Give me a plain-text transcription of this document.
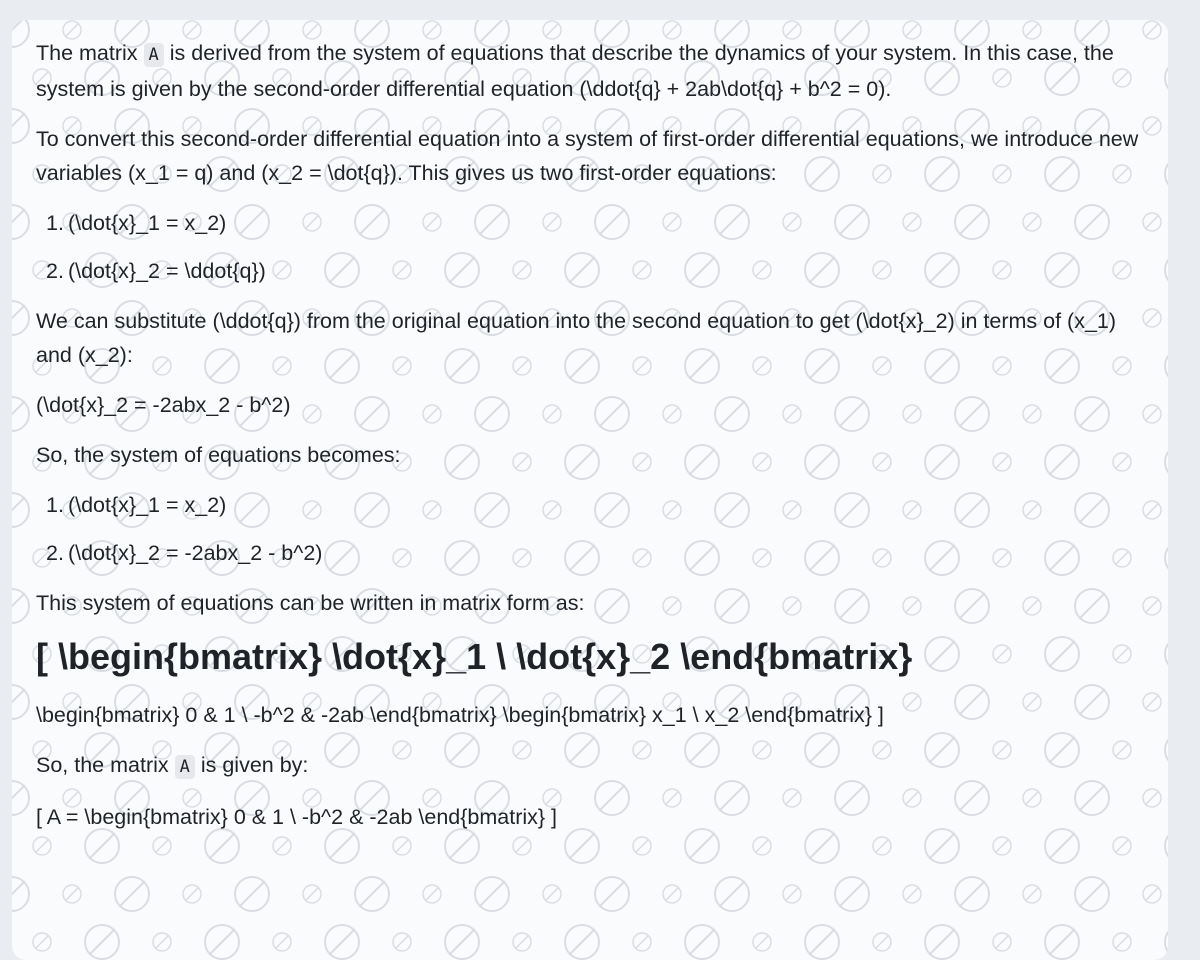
The matrix A is derived from the system of equations that describe the dynamics of your system. In this case, the system is given by the second-order differential equation (\ddot{q} + 2ab\dot{q} + b^2 = 0).

To convert this second-order differential equation into a system of first-order differential equations, we introduce new variables (x_1 = q) and (x_2 = \dot{q}). This gives us two first-order equations:

1. (\dot{x}_1 = x_2)
2. (\dot{x}_2 = \ddot{q})

We can substitute (\ddot{q}) from the original equation into the second equation to get (\dot{x}_2) in terms of (x_1) and (x_2):

(\dot{x}_2 = -2abx_2 - b^2)

So, the system of equations becomes:

1. (\dot{x}_1 = x_2)
2. (\dot{x}_2 = -2abx_2 - b^2)

This system of equations can be written in matrix form as:

[ \begin{bmatrix} \dot{x}_1 \ \dot{x}_2 \end{bmatrix}

\begin{bmatrix} 0 & 1 \ -b^2 & -2ab \end{bmatrix} \begin{bmatrix} x_1 \ x_2 \end{bmatrix} ]

So, the matrix A is given by:

[ A = \begin{bmatrix} 0 & 1 \ -b^2 & -2ab \end{bmatrix} ]
